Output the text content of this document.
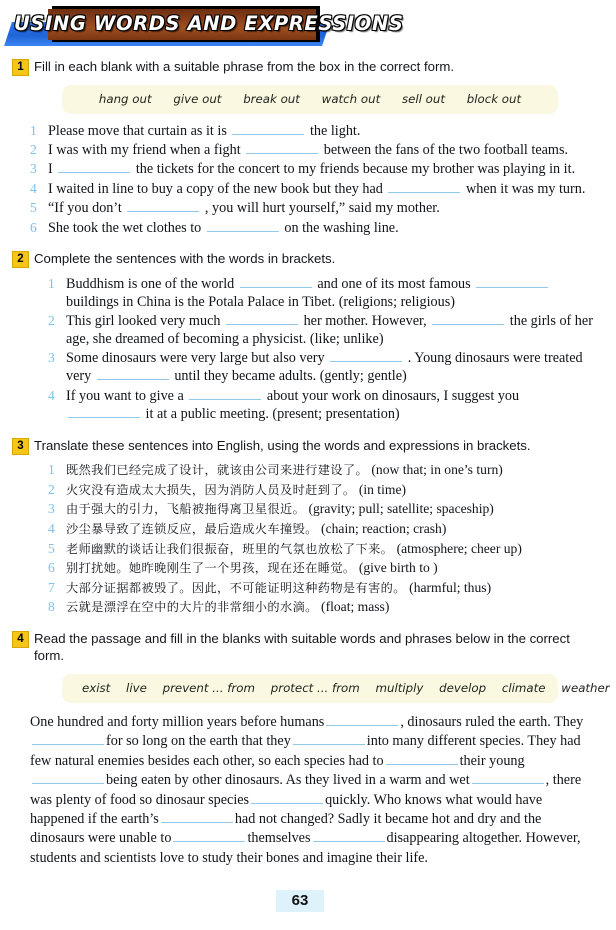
USING WORDS AND EXPRESSIONS
1 Fill in each blank with a suitable phrase from the box in the correct form.
hang out give out break out watch out sell out block out
1 Please move that curtain as it is	the light.
2 I was with my friend when a fight	between the fans of the two football teams.
3 I	the tickets for the concert to my friends because my brother was playing in it.
4 I waited in line to buy a copy of the new book but they had	when it was my turn.
5 “If you don’t	, you will hurt yourself,” said my mother.
6 She took the wet clothes to	on the washing line.
2 Complete the sentences with the words in brackets.
1 Buddhism is one of the world	and one of its most famous  buildings in China is the Potala Palace in Tibet. (religions; religious)
2 This girl looked very much	her mother. However,	the girls of her age, she dreamed of becoming a physicist. (like; unlike)
3 Some dinosaurs were very large but also very	. Young dinosaurs were treated very	until they became adults. (gently; gentle)
4 If you want to give a	about your work on dinosaurs, I suggest you  it at a public meeting. (present; presentation)
3 Translate these sentences into English, using the words and expressions in brackets.
1 既然我们已经完成了设计，就该由公司来进行建设了。 (now that; in one’s turn)
2 火灾没有造成太大损失，因为消防人员及时赶到了。 (in time)
3 由于强大的引力，飞船被拖得离卫星很近。 (gravity; pull; satellite; spaceship)
4 沙尘暴导致了连锁反应，最后造成火车撞毁。 (chain; reaction; crash)
5 老师幽默的谈话让我们很振奋，班里的气氛也放松了下来。 (atmosphere; cheer up)
6 别打扰她。她昨晚刚生了一个男孩，现在还在睡觉。 (give birth to )
7 大部分证据都被毁了。因此，不可能证明这种药物是有害的。 (harmful; thus)
8 云就是漂浮在空中的大片的非常细小的水滴。 (float; mass)
4 Read the passage and fill in the blanks with suitable words and phrases below in the correct form.
exist live prevent ... from protect ... from multiply develop climate weather
One hundred and forty million years before humans	, dinosaurs ruled the earth. Theyfor so long on the earth that they	into many different species. They had few natural enemies besides each other, so each species had to	their youngbeing eaten by other dinosaurs. As they lived in a warm and wet	, there was plenty of food so dinosaur species	quickly. Who knows what would have happened if the earth’s	had not changed? Sadly it became hot and dry and the dinosaurs were unable to	themselves	disappearing altogether. However, students and scientists love to study their bones and imagine their life.
63
